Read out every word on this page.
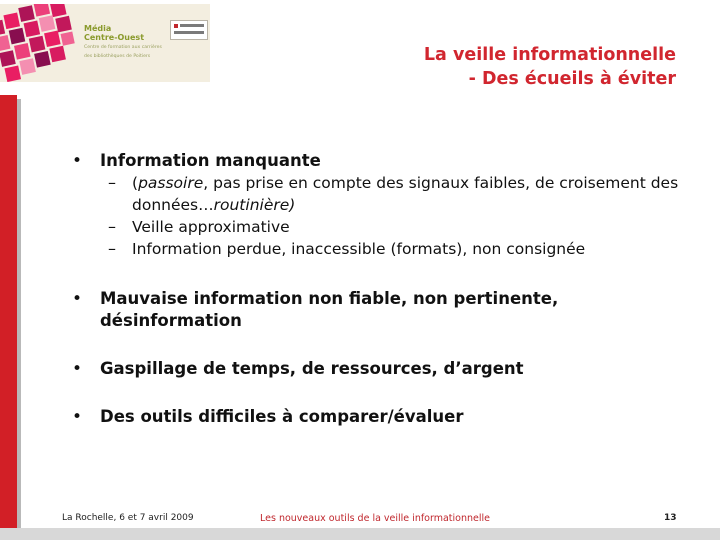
Média
Centre-Ouest
Centre de formation aux carrières
des bibliothèques de Poitiers	La veille informationnelle
- Des écueils à éviter
• Information manquante
– (passoire, pas prise en compte des signaux faibles, de croisement des données…routinière)
– Veille approximative
– Information perdue, inaccessible (formats), non consignée
• Mauvaise information non fiable, non pertinente, désinformation
• Gaspillage de temps, de ressources, d’argent
• Des outils difficiles à comparer/évaluer
La Rochelle, 6 et 7 avril 2009	Les nouveaux outils de la veille informationnelle	13
